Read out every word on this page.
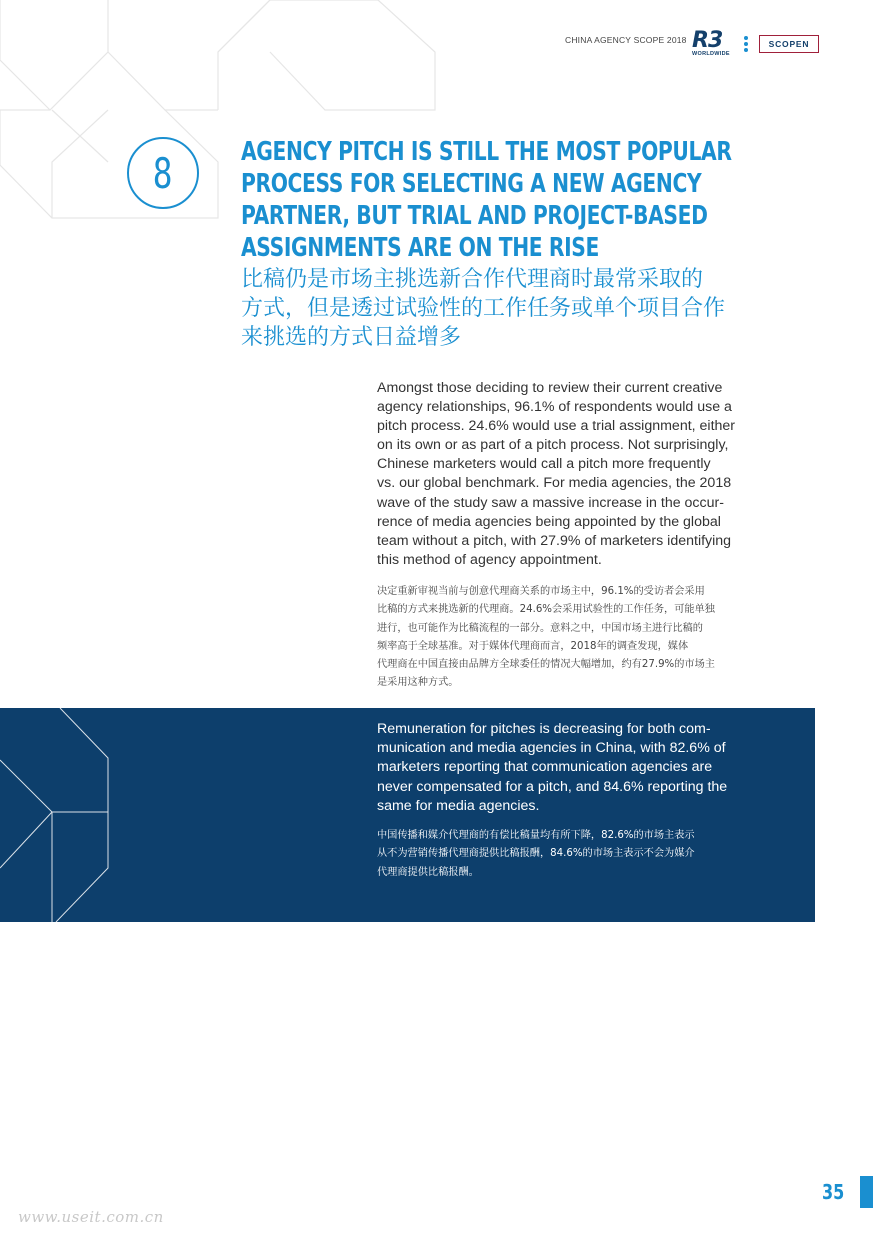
CHINA AGENCY SCOPE 2018 R3
WORLDWIDE
SCOPEN
8	AGENCY PITCH IS STILL THE MOST POPULAR PROCESS FOR SELECTING A NEW AGENCY PARTNER, BUT TRIAL AND PROJECT-BASED ASSIGNMENTS ARE ON THE RISE
比稿仍是市场主挑选新合作代理商时最常采取的
方式，但是透过试验性的工作任务或单个项目合作
来挑选的方式日益增多
Amongst those deciding to review their current creative
agency relationships, 96.1% of respondents would use a
pitch process. 24.6% would use a trial assignment, either
on its own or as part of a pitch process. Not surprisingly,
Chinese marketers would call a pitch more frequently
vs. our global benchmark. For media agencies, the 2018
wave of the study saw a massive increase in the occur-
rence of media agencies being appointed by the global
team without a pitch, with 27.9% of marketers identifying
this method of agency appointment.
决定重新审视当前与创意代理商关系的市场主中，96.1%的受访者会采用
比稿的方式来挑选新的代理商。24.6%会采用试验性的工作任务，可能单独
进行，也可能作为比稿流程的一部分。意料之中，中国市场主进行比稿的
频率高于全球基准。对于媒体代理商而言，2018年的调查发现，媒体
代理商在中国直接由品牌方全球委任的情况大幅增加，约有27.9%的市场主
是采用这种方式。
Remuneration for pitches is decreasing for both com-
munication and media agencies in China, with 82.6% of
marketers reporting that communication agencies are
never compensated for a pitch, and 84.6% reporting the
same for media agencies.
中国传播和媒介代理商的有偿比稿量均有所下降，82.6%的市场主表示
从不为营销传播代理商提供比稿报酬，84.6%的市场主表示不会为媒介
代理商提供比稿报酬。
35
www.useit.com.cn
